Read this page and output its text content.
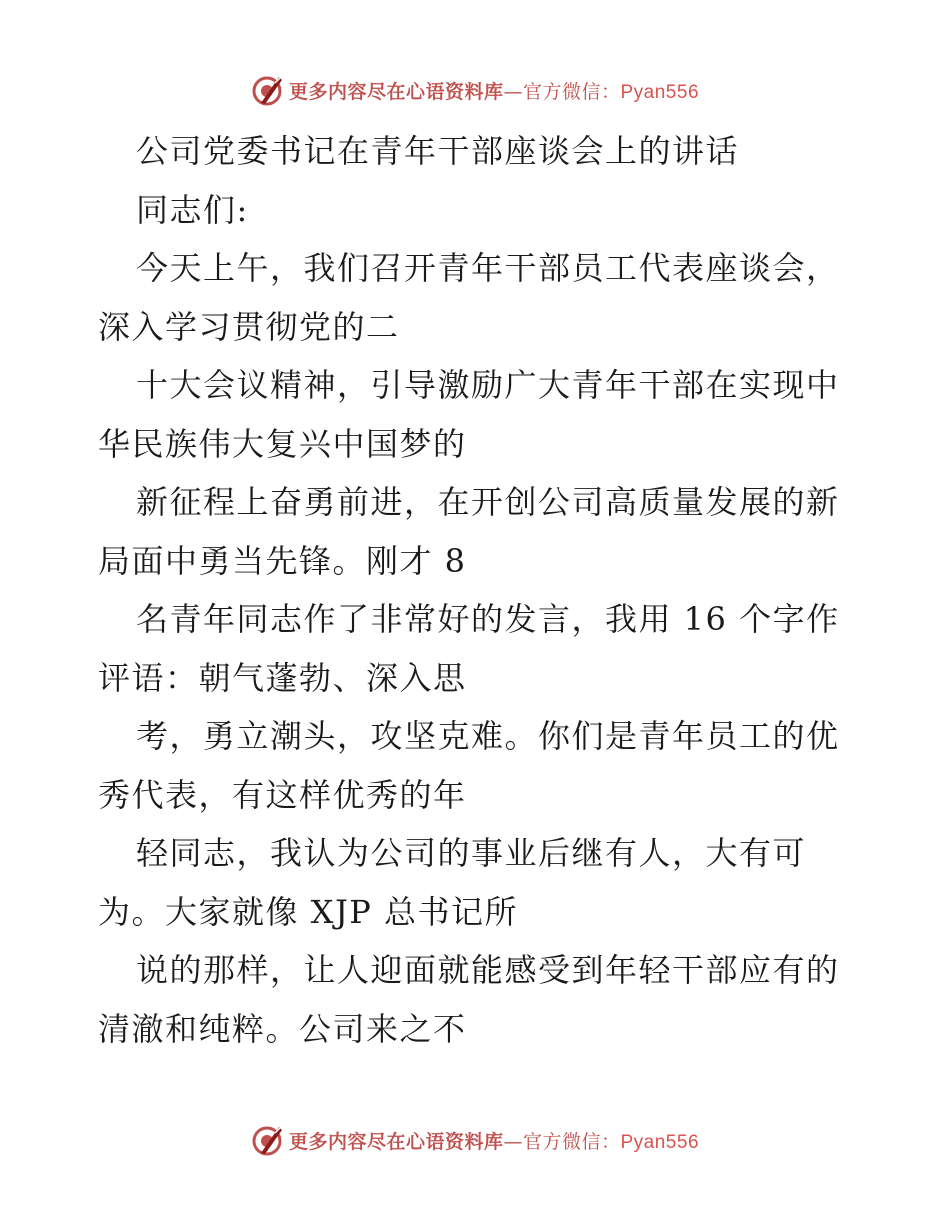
更多内容尽在心语资料库—官方微信：Pyan556

公司党委书记在青年干部座谈会上的讲话

同志们:

今天上午，我们召开青年干部员工代表座谈会，

深入学习贯彻党的二

十大会议精神，引导激励广大青年干部在实现中

华民族伟大复兴中国梦的

新征程上奋勇前进，在开创公司高质量发展的新

局面中勇当先锋。刚才 8

名青年同志作了非常好的发言，我用 16 个字作

评语：朝气蓬勃、深入思

考，勇立潮头，攻坚克难。你们是青年员工的优

秀代表，有这样优秀的年

轻同志，我认为公司的事业后继有人，大有可

为。大家就像 XJP 总书记所

说的那样，让人迎面就能感受到年轻干部应有的

清澈和纯粹。公司来之不

更多内容尽在心语资料库—官方微信：Pyan556
